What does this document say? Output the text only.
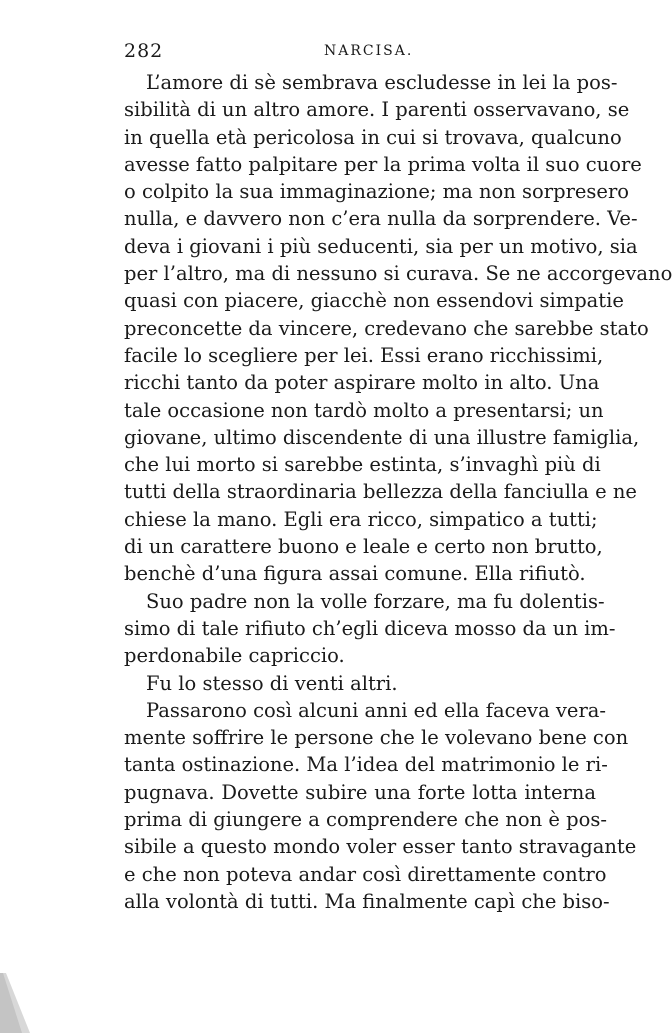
282	NARCISA.
L’amore di sè sembrava escludesse in lei la pos-
sibilità di un altro amore. I parenti osservavano, se
in quella età pericolosa in cui si trovava, qualcuno
avesse fatto palpitare per la prima volta il suo cuore
o colpito la sua immaginazione; ma non sorpresero
nulla, e davvero non c’era nulla da sorprendere. Ve-
deva i giovani i più seducenti, sia per un motivo, sia
per l’altro, ma di nessuno si curava. Se ne accorgevano
quasi con piacere, giacchè non essendovi simpatie
preconcette da vincere, credevano che sarebbe stato
facile lo scegliere per lei. Essi erano ricchissimi,
ricchi tanto da poter aspirare molto in alto. Una
tale occasione non tardò molto a presentarsi; un
giovane, ultimo discendente di una illustre famiglia,
che lui morto si sarebbe estinta, s’invaghì più di
tutti della straordinaria bellezza della fanciulla e ne
chiese la mano. Egli era ricco, simpatico a tutti;
di un carattere buono e leale e certo non brutto,
benchè d’una figura assai comune. Ella rifiutò.
Suo padre non la volle forzare, ma fu dolentis-
simo di tale rifiuto ch’egli diceva mosso da un im-
perdonabile capriccio.
Fu lo stesso di venti altri.
Passarono così alcuni anni ed ella faceva vera-
mente soffrire le persone che le volevano bene con
tanta ostinazione. Ma l’idea del matrimonio le ri-
pugnava. Dovette subire una forte lotta interna
prima di giungere a comprendere che non è pos-
sibile a questo mondo voler esser tanto stravagante
e che non poteva andar così direttamente contro
alla volontà di tutti. Ma finalmente capì che biso-
